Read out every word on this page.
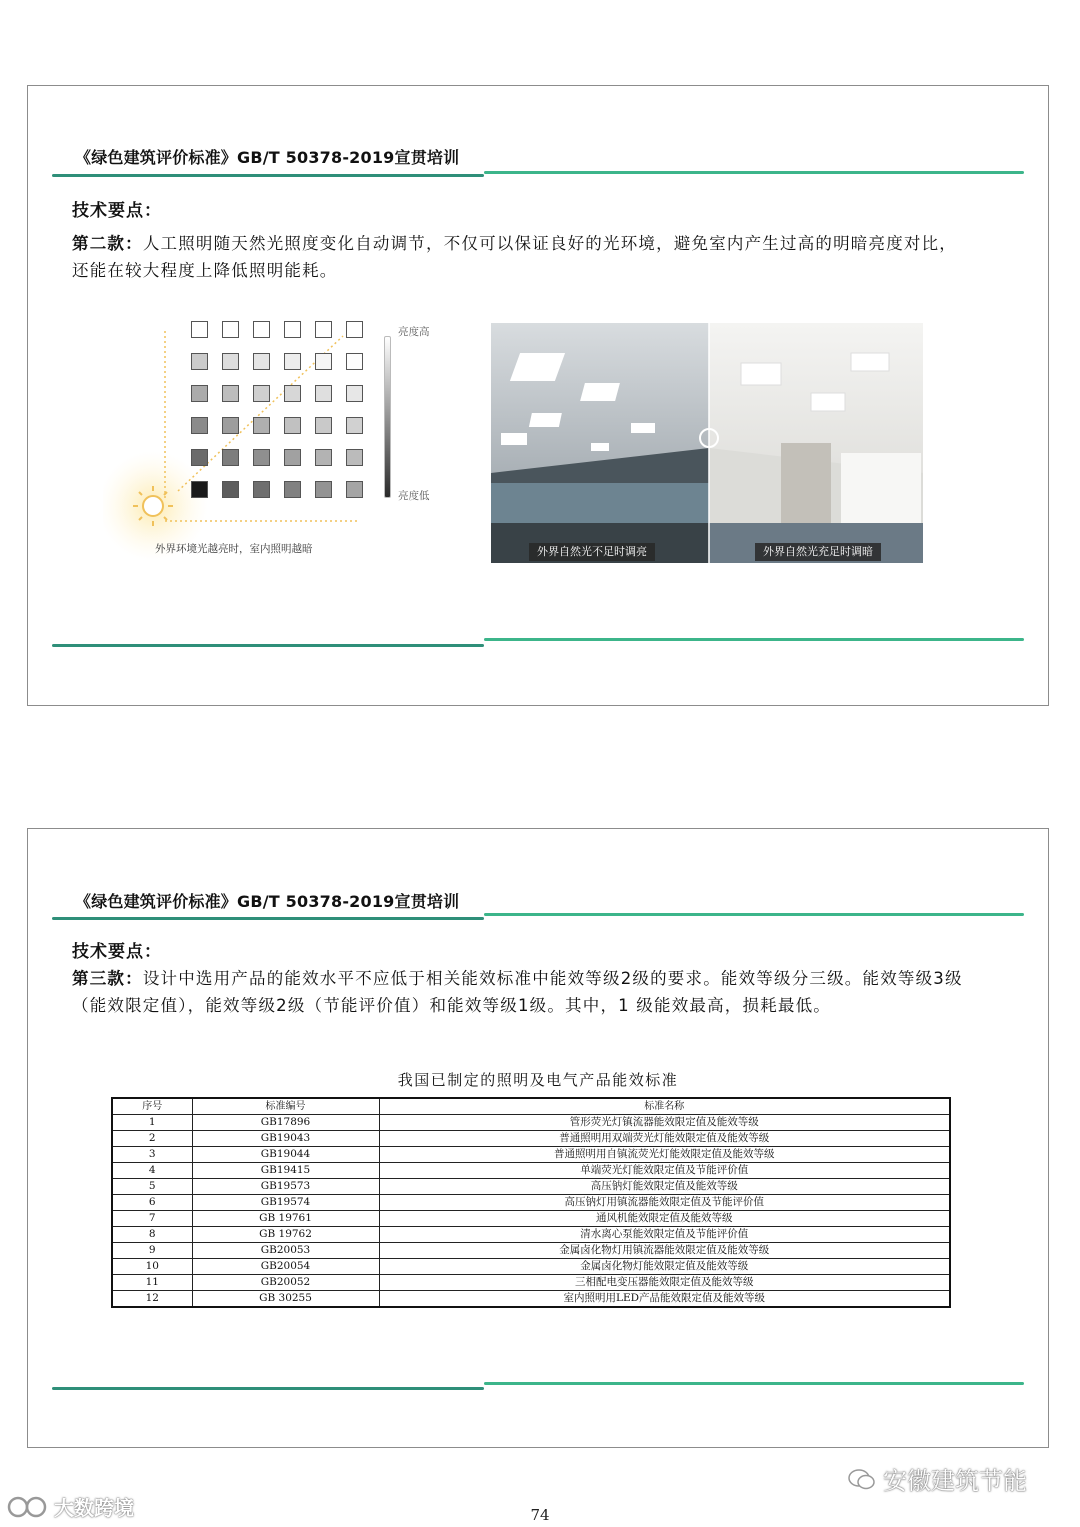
《绿色建筑评价标准》GB/T 50378-2019宣贯培训
技术要点：
第二款：人工照明随天然光照度变化自动调节，不仅可以保证良好的光环境，避免室内产生过高的明暗亮度对比，还能在较大程度上降低照明能耗。
亮度高
亮度低
外界环境光越亮时，室内照明越暗	外界自然光不足时调亮	外界自然光充足时调暗
《绿色建筑评价标准》GB/T 50378-2019宣贯培训
技术要点：
第三款：设计中选用产品的能效水平不应低于相关能效标准中能效等级2级的要求。能效等级分三级。能效等级3级（能效限定值），能效等级2级（节能评价值）和能效等级1级。其中，1 级能效最高，损耗最低。
我国已制定的照明及电气产品能效标准
序号	标准编号	标准名称
1	GB17896	管形荧光灯镇流器能效限定值及能效等级
2	GB19043	普通照明用双端荧光灯能效限定值及能效等级
3	GB19044	普通照明用自镇流荧光灯能效限定值及能效等级
4	GB19415	单端荧光灯能效限定值及节能评价值
5	GB19573	高压钠灯能效限定值及能效等级
6	GB19574	高压钠灯用镇流器能效限定值及节能评价值
7	GB 19761	通风机能效限定值及能效等级
8	GB 19762	清水离心泵能效限定值及节能评价值
9	GB20053	金属卤化物灯用镇流器能效限定值及能效等级
10	GB20054	金属卤化物灯能效限定值及能效等级
11	GB20052	三相配电变压器能效限定值及能效等级
12	GB 30255	室内照明用LED产品能效限定值及能效等级
安徽建筑节能
大数跨境	74
